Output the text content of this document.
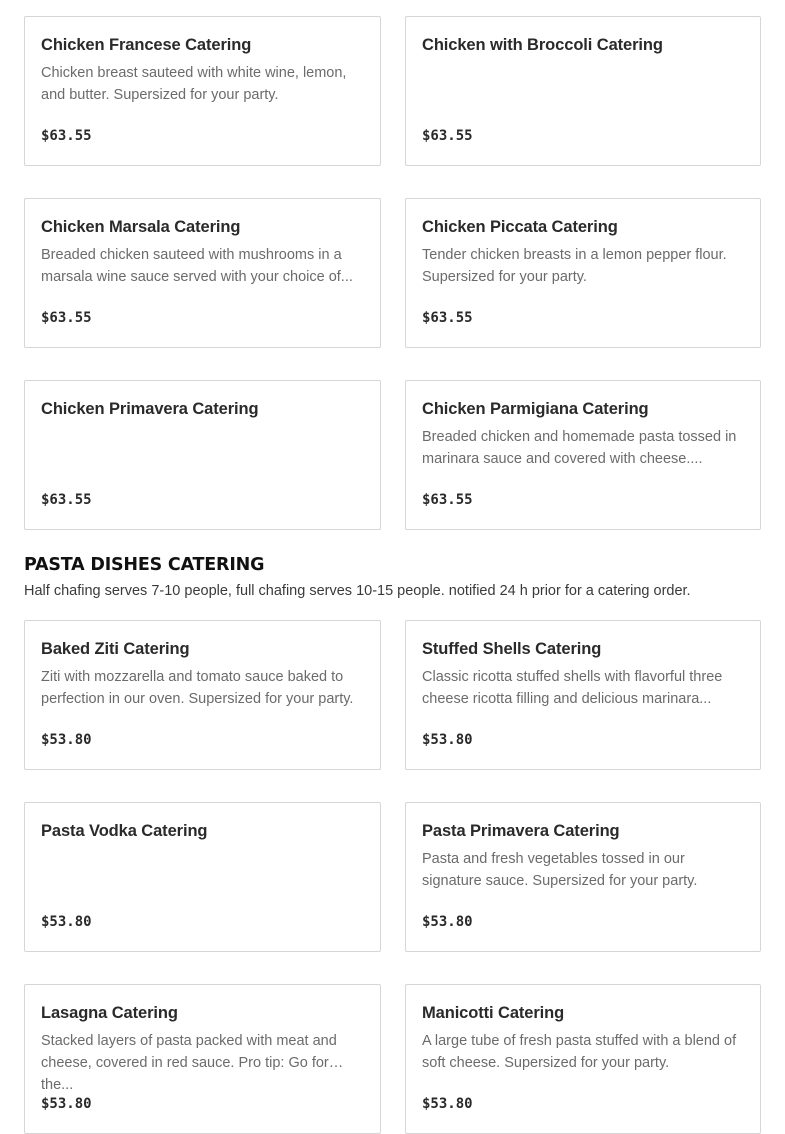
Chicken Francese Catering
Chicken breast sauteed with white wine, lemon, and butter. Supersized for your party.
$63.55
Chicken with Broccoli Catering
$63.55
Chicken Marsala Catering
Breaded chicken sauteed with mushrooms in a marsala wine sauce served with your choice of...
$63.55
Chicken Piccata Catering
Tender chicken breasts in a lemon pepper flour. Supersized for your party.
$63.55
Chicken Primavera Catering
$63.55
Chicken Parmigiana Catering
Breaded chicken and homemade pasta tossed in marinara sauce and covered with cheese....
$63.55
PASTA DISHES CATERING

Half chafing serves 7-10 people, full chafing serves 10-15 people. notified 24 h prior for a catering order.

Baked Ziti Catering
Ziti with mozzarella and tomato sauce baked to perfection in our oven. Supersized for your party.
$53.80
Stuffed Shells Catering
Classic ricotta stuffed shells with flavorful three cheese ricotta filling and delicious marinara...
$53.80
Pasta Vodka Catering
$53.80
Pasta Primavera Catering
Pasta and fresh vegetables tossed in our signature sauce. Supersized for your party.
$53.80
Lasagna Catering
Stacked layers of pasta packed with meat and cheese, covered in red sauce. Pro tip: Go for the...
$53.80
Manicotti Catering
A large tube of fresh pasta stuffed with a blend of soft cheese. Supersized for your party.
$53.80
